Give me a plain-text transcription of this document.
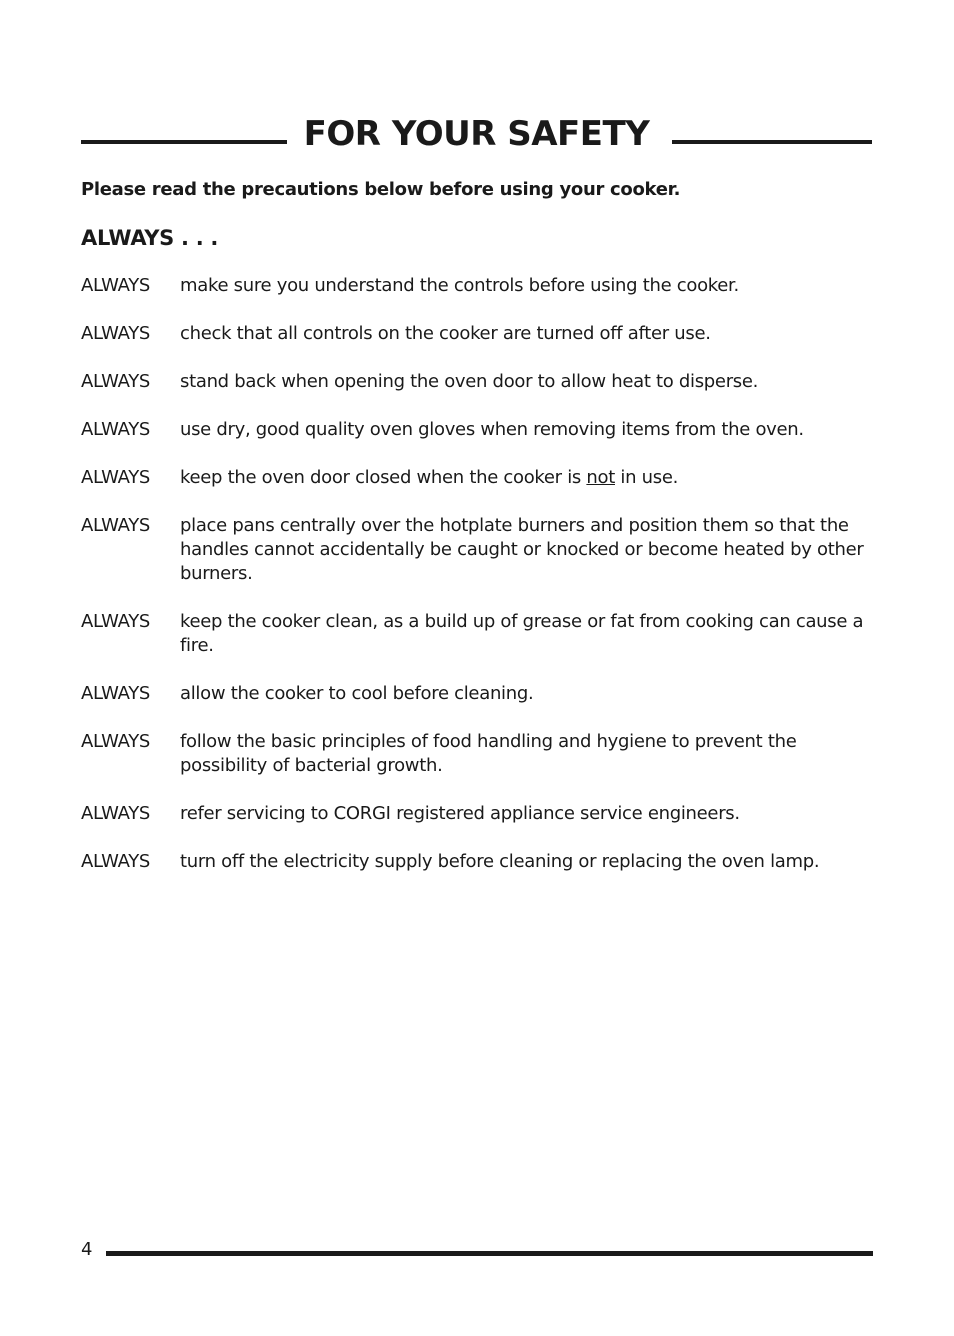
FOR YOUR SAFETY

Please read the precautions below before using your cooker.

ALWAYS . . .
ALWAYS	make sure you understand the controls before using the cooker.
ALWAYS	check that all controls on the cooker are turned off after use.
ALWAYS	stand back when opening the oven door to allow heat to disperse.
ALWAYS	use dry, good quality oven gloves when removing items from the oven.
ALWAYS	keep the oven door closed when the cooker is not in use.
ALWAYS	place pans centrally over the hotplate burners and position them so that the handles cannot accidentally be caught or knocked or become heated by other burners.
ALWAYS	keep the cooker clean, as a build up of grease or fat from cooking can cause a fire.
ALWAYS	allow the cooker to cool before cleaning.
ALWAYS	follow the basic principles of food handling and hygiene to prevent the possibility of bacterial growth.
ALWAYS	refer servicing to CORGI registered appliance service engineers.
ALWAYS	turn off the electricity supply before cleaning or replacing the oven lamp.
4
